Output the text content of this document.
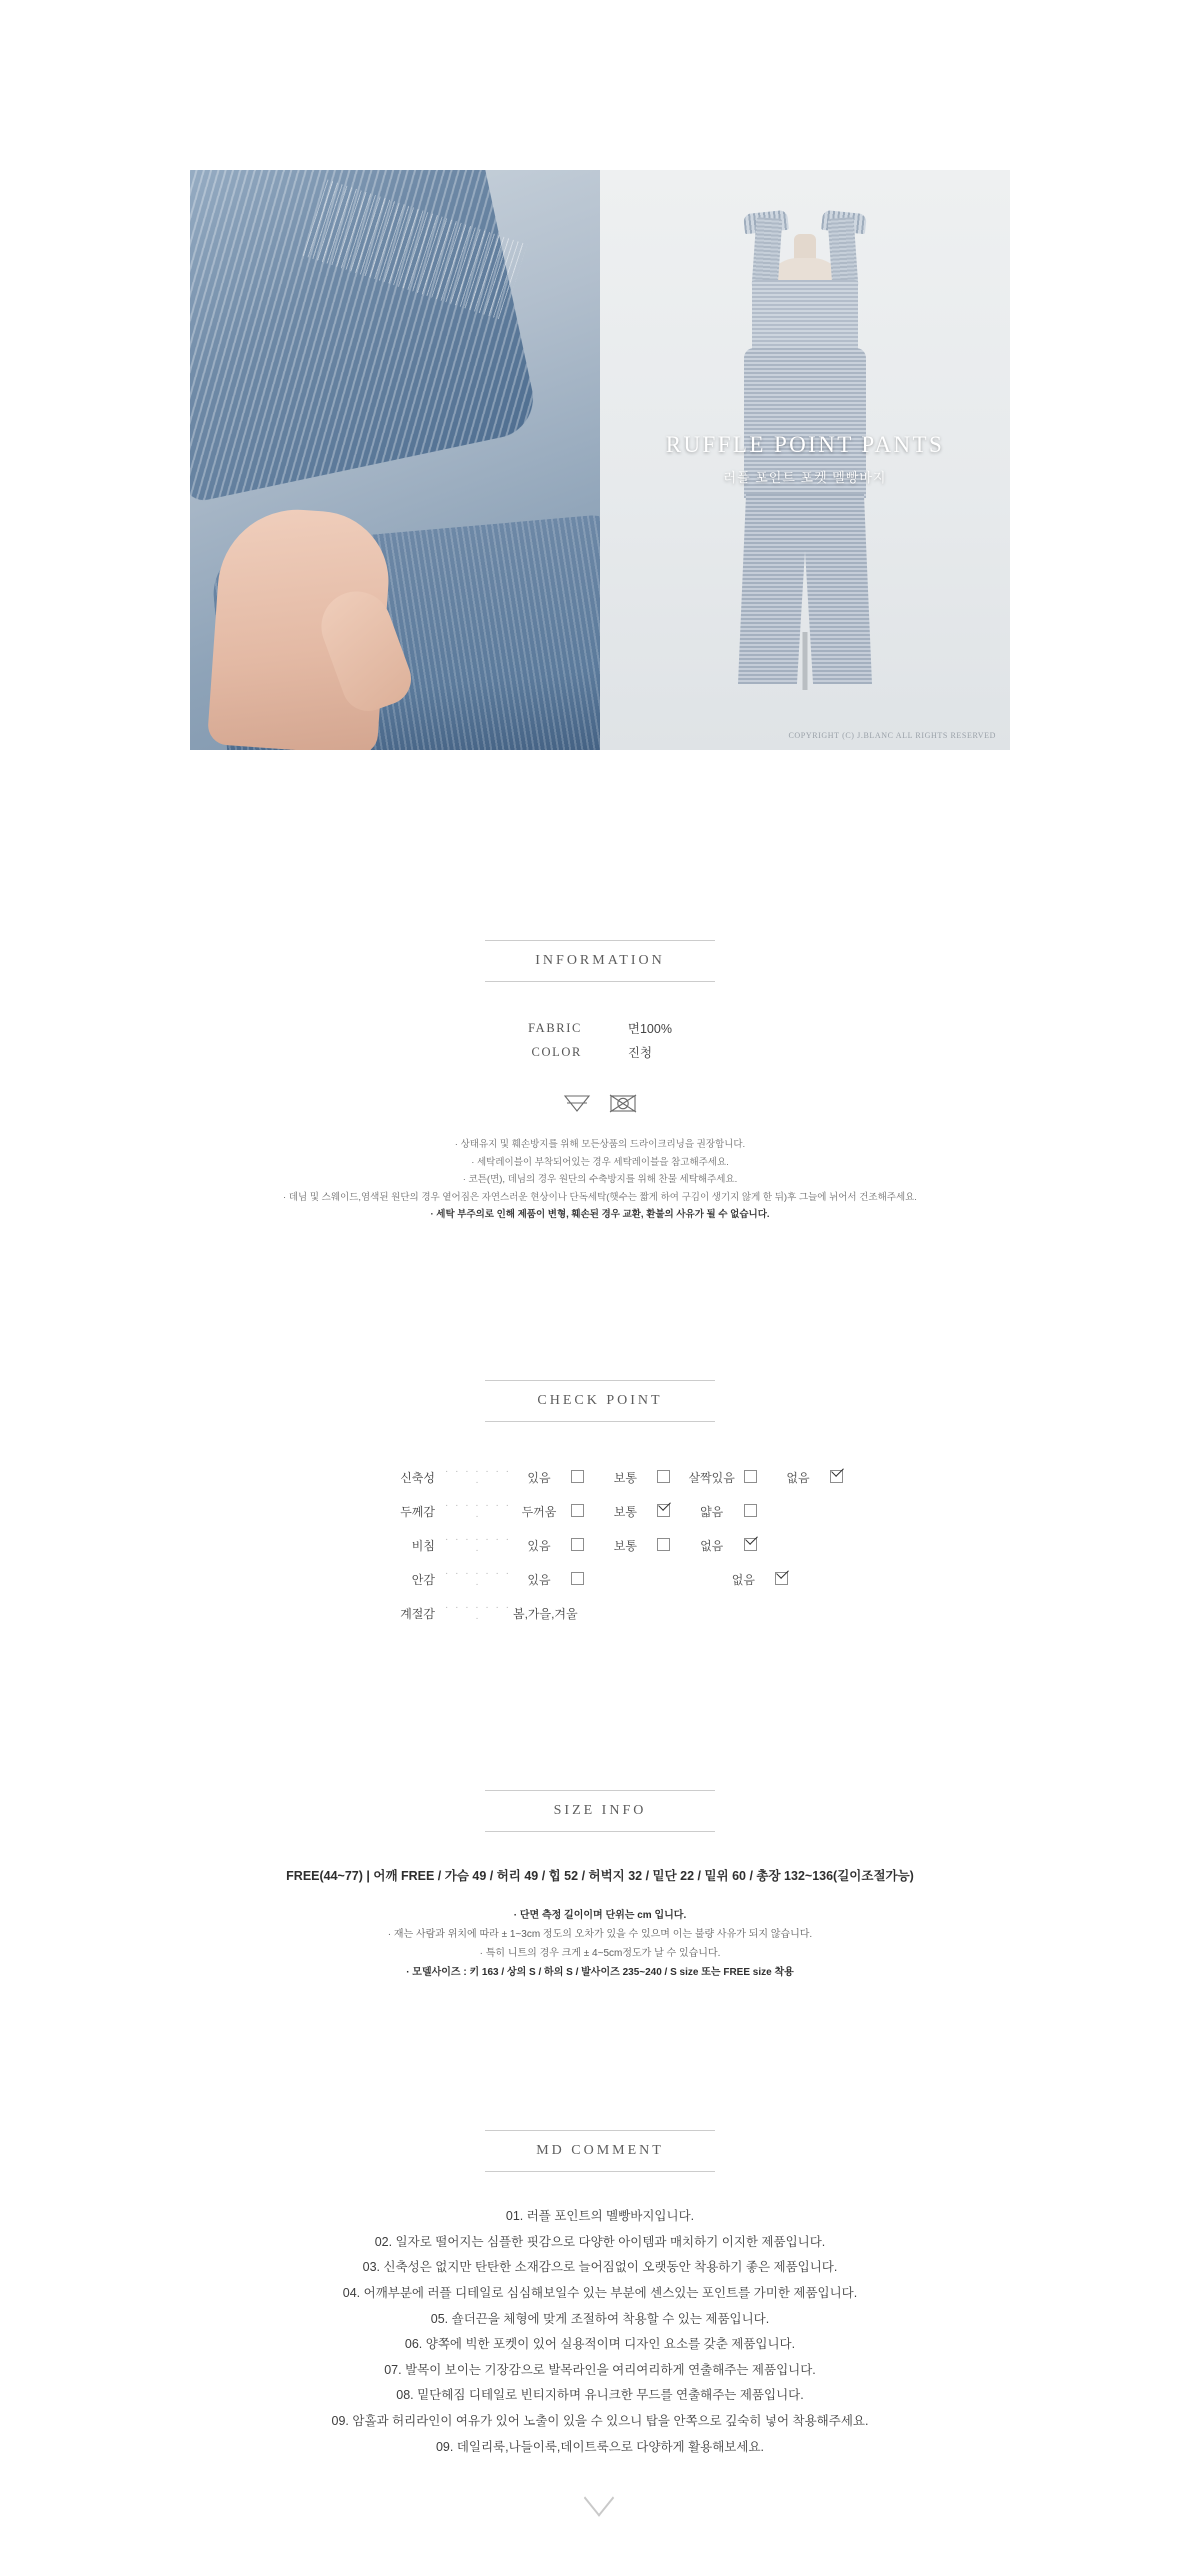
RUFFLE POINT PANTS
러플 포인트 포켓 멜빵바지
COPYRIGHT (C) J.BLANC ALL RIGHTS RESERVED
INFORMATION
FABRIC	면100%
COLOR	진청
· 상태유지 및 훼손방지를 위해 모든상품의 드라이크리닝을 권장합니다.
· 세탁레이블이 부착되어있는 경우 세탁레이블을 참고해주세요.
· 코튼(면), 데님의 경우 원단의 수축방지를 위해 찬물 세탁해주세요.
· 데님 및 스웨이드,염색된 원단의 경우 옅어짐은 자연스러운 현상이나 단독세탁(햇수는 짧게 하여 구김이 생기지 않게 한 뒤)후 그늘에 뉘어서 건조해주세요.
· 세탁 부주의로 인해 제품이 변형, 훼손된 경우 교환, 환불의 사유가 될 수 없습니다.
CHECK POINT
신축성	· · · · · · · ·	있음 보통 살짝있음 없음
두께감	· · · · · · · ·	두꺼움 보통 얇음
비침	· · · · · · · ·	있음 보통 없음
안감	· · · · · · · ·	있음 없음
계절감	· · · · · · · ·	봄,가을,겨울
SIZE INFO
FREE(44~77) | 어깨 FREE / 가슴 49 / 허리 49 / 힙 52 / 허벅지 32 / 밑단 22 / 밑위 60 / 총장 132~136(길이조절가능)
· 단면 측정 길이이며 단위는 cm 입니다.
· 재는 사람과 위치에 따라 ± 1~3cm 정도의 오차가 있을 수 있으며 이는 불량 사유가 되지 않습니다.
· 특히 니트의 경우 크게 ± 4~5cm정도가 날 수 있습니다.
· 모델사이즈 : 키 163 / 상의 S / 하의 S / 발사이즈 235~240 / S size 또는 FREE size 착용
MD COMMENT
01. 러플 포인트의 멜빵바지입니다.
02. 일자로 떨어지는 심플한 핏감으로 다양한 아이템과 매치하기 이지한 제품입니다.
03. 신축성은 없지만 탄탄한 소재감으로 늘어짐없이 오랫동안 착용하기 좋은 제품입니다.
04. 어깨부분에 러플 디테일로 심심해보일수 있는 부분에 센스있는 포인트를 가미한 제품입니다.
05. 숄더끈을 체형에 맞게 조절하여 착용할 수 있는 제품입니다.
06. 양쪽에 빅한 포켓이 있어 실용적이며 디자인 요소를 갖춘 제품입니다.
07. 발목이 보이는 기장감으로 발목라인을 여리여리하게 연출해주는 제품입니다.
08. 밑단헤짐 디테일로 빈티지하며 유니크한 무드를 연출해주는 제품입니다.
09. 암홀과 허리라인이 여유가 있어 노출이 있을 수 있으니 탑을 안쪽으로 깊숙히 넣어 착용해주세요.
09. 데일리룩,나들이룩,데이트룩으로 다양하게 활용해보세요.
